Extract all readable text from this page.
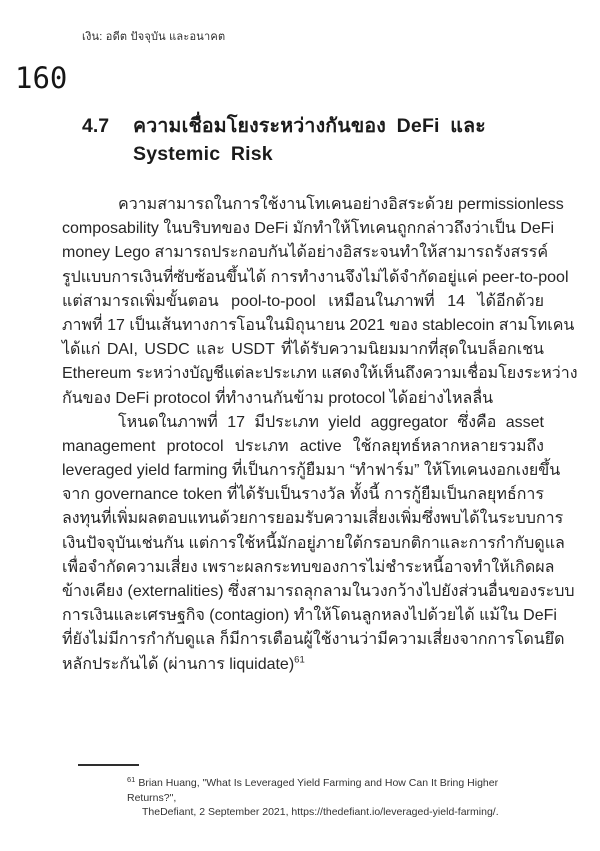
เงิน: อดีต ปัจจุบัน และอนาคต
160
4.7	ความเชื่อมโยงระหว่างกันของ DeFi และ
Systemic Risk
ความสามารถในการใช้งานโทเคนอย่างอิสระด้วย permissionless
composability ในบริบทของ DeFi มักทำให้โทเคนถูกกล่าวถึงว่าเป็น DeFi
money Lego สามารถประกอบกันได้อย่างอิสระจนทำให้สามารถรังสรรค์
รูปแบบการเงินที่ซับซ้อนขึ้นได้ การทำงานจึงไม่ได้จำกัดอยู่แค่ peer-to-pool
แต่สามารถเพิ่มขั้นตอน pool-to-pool เหมือนในภาพที่ 14 ได้อีกด้วย
ภาพที่ 17 เป็นเส้นทางการโอนในมิถุนายน 2021 ของ stablecoin สามโทเคน
ได้แก่ DAI, USDC และ USDT ที่ได้รับความนิยมมากที่สุดในบล็อกเชน
Ethereum ระหว่างบัญชีแต่ละประเภท แสดงให้เห็นถึงความเชื่อมโยงระหว่าง
กันของ DeFi protocol ที่ทำงานกันข้าม protocol ได้อย่างไหลลื่น
โหนดในภาพที่ 17 มีประเภท yield aggregator ซึ่งคือ asset
management protocol ประเภท active ใช้กลยุทธ์หลากหลายรวมถึง
leveraged yield farming ที่เป็นการกู้ยืมมา “ทำฟาร์ม” ให้โทเคนงอกเงยขึ้น
จาก governance token ที่ได้รับเป็นรางวัล ทั้งนี้ การกู้ยืมเป็นกลยุทธ์การ
ลงทุนที่เพิ่มผลตอบแทนด้วยการยอมรับความเสี่ยงเพิ่มซึ่งพบได้ในระบบการ
เงินปัจจุบันเช่นกัน แต่การใช้หนี้มักอยู่ภายใต้กรอบกติกาและการกำกับดูแล
เพื่อจำกัดความเสี่ยง เพราะผลกระทบของการไม่ชำระหนี้อาจทำให้เกิดผล
ข้างเคียง (externalities) ซึ่งสามารถลุกลามในวงกว้างไปยังส่วนอื่นของระบบ
การเงินและเศรษฐกิจ (contagion) ทำให้โดนลูกหลงไปด้วยได้ แม้ใน DeFi
ที่ยังไม่มีการกำกับดูแล ก็มีการเตือนผู้ใช้งานว่ามีความเสี่ยงจากการโดนยึด
หลักประกันได้ (ผ่านการ liquidate)$^{61}$
$^{61}$ Brian Huang, "What Is Leveraged Yield Farming and How Can It Bring Higher Returns?",
TheDefiant, 2 September 2021, https://thedefiant.io/leveraged-yield-farming/.
